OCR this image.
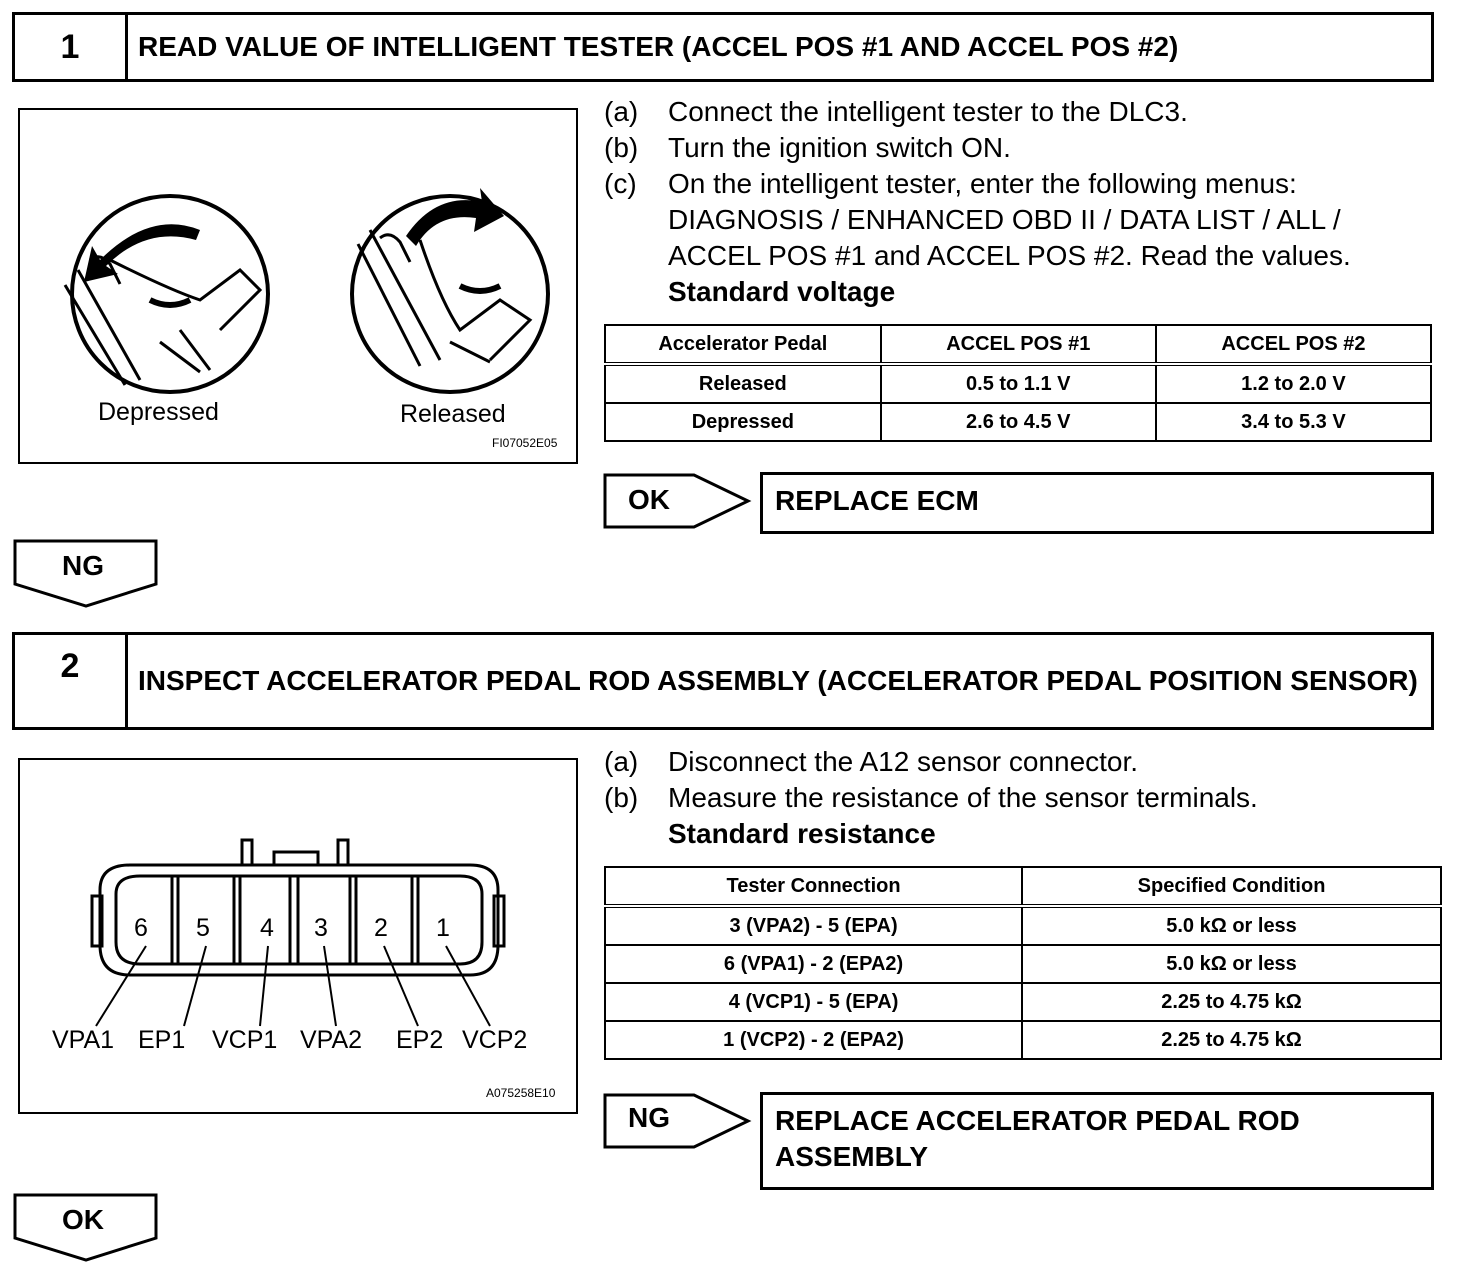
1	READ VALUE OF INTELLIGENT TESTER (ACCEL POS #1 AND ACCEL POS #2)
Depressed	Released
FI07052E05
(a)	Connect the intelligent tester to the DLC3.
(b)	Turn the ignition switch ON.
(c)	On the intelligent tester, enter the following menus:
DIAGNOSIS / ENHANCED OBD II / DATA LIST / ALL /
ACCEL POS #1 and ACCEL POS #2. Read the values.
Standard voltage
Accelerator Pedal	ACCEL POS #1	ACCEL POS #2
Released	0.5 to 1.1 V	1.2 to 2.0 V
Depressed	2.6 to 4.5 V	3.4 to 5.3 V
OK	REPLACE ECM
NG
2	INSPECT ACCELERATOR PEDAL ROD ASSEMBLY (ACCELERATOR PEDAL POSITION SENSOR)
6 5 4 3 2 1
VPA1 EP1 VCP1 VPA2 EP2 VCP2
A075258E10
(a)	Disconnect the A12 sensor connector.
(b)	Measure the resistance of the sensor terminals.
Standard resistance
Tester Connection	Specified Condition
3 (VPA2) - 5 (EPA)	5.0 kΩ or less
6 (VPA1) - 2 (EPA2)	5.0 kΩ or less
4 (VCP1) - 5 (EPA)	2.25 to 4.75 kΩ
1 (VCP2) - 2 (EPA2)	2.25 to 4.75 kΩ
NG	REPLACE ACCELERATOR PEDAL ROD ASSEMBLY
OK
